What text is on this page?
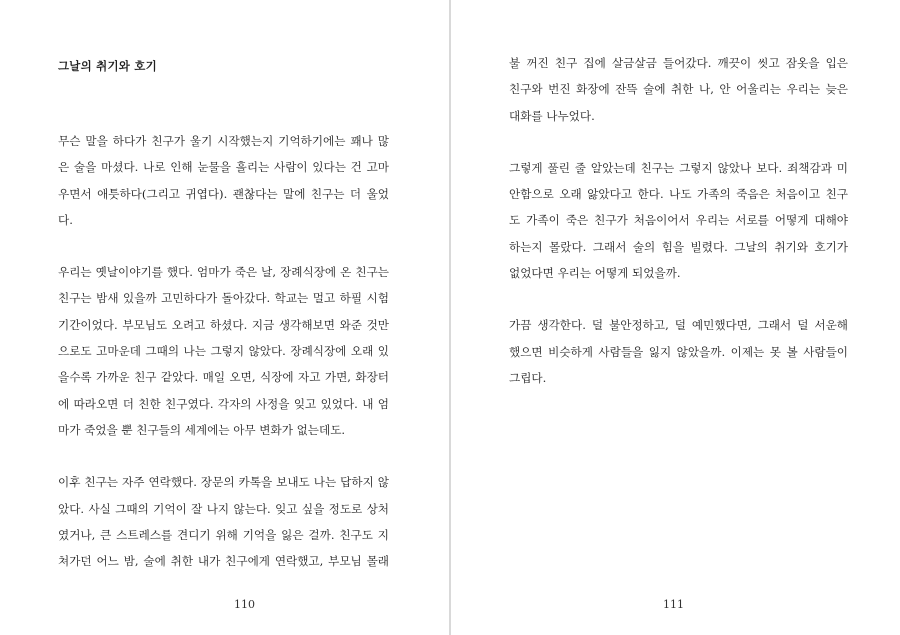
그날의 취기와 호기
무슨 말을 하다가 친구가 울기 시작했는지 기억하기에는 꽤나 많
은 술을 마셨다. 나로 인해 눈물을 흘리는 사람이 있다는 건 고마
우면서 애틋하다(그리고 귀엽다). 괜찮다는 말에 친구는 더 울었
다.
우리는 옛날이야기를 했다. 엄마가 죽은 날, 장례식장에 온 친구는
친구는 밤새 있을까 고민하다가 돌아갔다. 학교는 멀고 하필 시험
기간이었다. 부모님도 오려고 하셨다. 지금 생각해보면 와준 것만
으로도 고마운데 그때의 나는 그렇지 않았다. 장례식장에 오래 있
을수록 가까운 친구 같았다. 매일 오면, 식장에 자고 가면, 화장터
에 따라오면 더 친한 친구였다. 각자의 사정을 잊고 있었다. 내 엄
마가 죽었을 뿐 친구들의 세계에는 아무 변화가 없는데도.
이후 친구는 자주 연락했다. 장문의 카톡을 보내도 나는 답하지 않
았다. 사실 그때의 기억이 잘 나지 않는다. 잊고 싶을 정도로 상처
였거나, 큰 스트레스를 견디기 위해 기억을 잃은 걸까. 친구도 지
쳐가던 어느 밤, 술에 취한 내가 친구에게 연락했고, 부모님 몰래
110
불 꺼진 친구 집에 살금살금 들어갔다. 깨끗이 씻고 잠옷을 입은
친구와 번진 화장에 잔뜩 술에 취한 나, 안 어울리는 우리는 늦은
대화를 나누었다.
그렇게 풀린 줄 알았는데 친구는 그렇지 않았나 보다. 죄책감과 미
안함으로 오래 앓았다고 한다. 나도 가족의 죽음은 처음이고 친구
도 가족이 죽은 친구가 처음이어서 우리는 서로를 어떻게 대해야
하는지 몰랐다. 그래서 술의 힘을 빌렸다. 그날의 취기와 호기가
없었다면 우리는 어떻게 되었을까.
가끔 생각한다. 덜 불안정하고, 덜 예민했다면, 그래서 덜 서운해
했으면 비슷하게 사람들을 잃지 않았을까. 이제는 못 볼 사람들이
그립다.
111
